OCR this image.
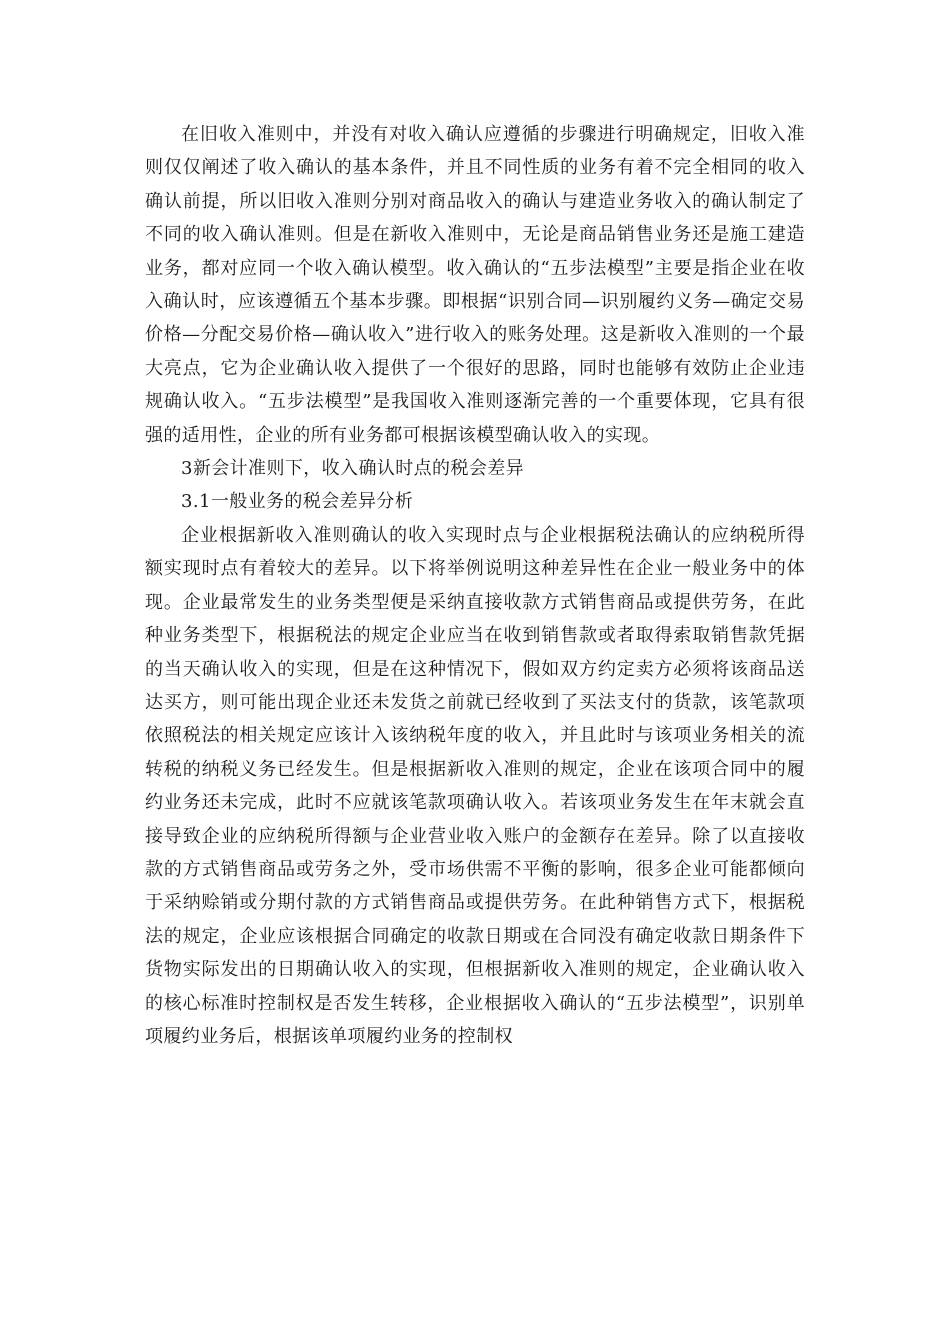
在旧收入准则中，并没有对收入确认应遵循的步骤进行明确规定，旧收入准则仅仅阐述了收入确认的基本条件，并且不同性质的业务有着不完全相同的收入确认前提，所以旧收入准则分别对商品收入的确认与建造业务收入的确认制定了不同的收入确认准则。但是在新收入准则中，无论是商品销售业务还是施工建造业务，都对应同一个收入确认模型。收入确认的“五步法模型”主要是指企业在收入确认时，应该遵循五个基本步骤。即根据“识别合同—识别履约义务—确定交易价格—分配交易价格—确认收入”进行收入的账务处理。这是新收入准则的一个最大亮点，它为企业确认收入提供了一个很好的思路，同时也能够有效防止企业违规确认收入。“五步法模型”是我国收入准则逐渐完善的一个重要体现，它具有很强的适用性，企业的所有业务都可根据该模型确认收入的实现。

3新会计准则下，收入确认时点的税会差异

3.1一般业务的税会差异分析

企业根据新收入准则确认的收入实现时点与企业根据税法确认的应纳税所得额实现时点有着较大的差异。以下将举例说明这种差异性在企业一般业务中的体现。企业最常发生的业务类型便是采纳直接收款方式销售商品或提供劳务，在此种业务类型下，根据税法的规定企业应当在收到销售款或者取得索取销售款凭据的当天确认收入的实现，但是在这种情况下，假如双方约定卖方必须将该商品送达买方，则可能出现企业还未发货之前就已经收到了买法支付的货款，该笔款项依照税法的相关规定应该计入该纳税年度的收入，并且此时与该项业务相关的流转税的纳税义务已经发生。但是根据新收入准则的规定，企业在该项合同中的履约业务还未完成，此时不应就该笔款项确认收入。若该项业务发生在年末就会直接导致企业的应纳税所得额与企业营业收入账户的金额存在差异。除了以直接收款的方式销售商品或劳务之外，受市场供需不平衡的影响，很多企业可能都倾向于采纳赊销或分期付款的方式销售商品或提供劳务。在此种销售方式下，根据税法的规定，企业应该根据合同确定的收款日期或在合同没有确定收款日期条件下货物实际发出的日期确认收入的实现，但根据新收入准则的规定，企业确认收入的核心标准时控制权是否发生转移，企业根据收入确认的“五步法模型”，识别单项履约业务后，根据该单项履约业务的控制权
